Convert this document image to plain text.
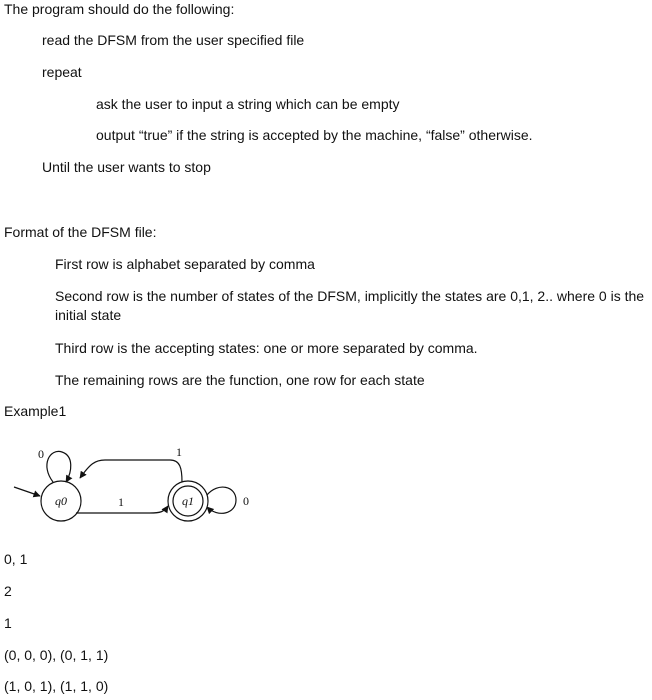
The program should do the following:
read the DFSM from the user specified file
repeat
ask the user to input a string which can be empty
output “true” if the string is accepted by the machine, “false” otherwise.
Until the user wants to stop
Format of the DFSM file:
First row is alphabet separated by comma
Second row is the number of states of the DFSM, implicitly the states are 0,1, 2.. where 0 is the
initial state
Third row is the accepting states: one or more separated by comma.
The remaining rows are the function, one row for each state
Example1
q0
0
q1
1
1	0
0, 1
2
1
(0, 0, 0), (0, 1, 1)
(1, 0, 1), (1, 1, 0)
